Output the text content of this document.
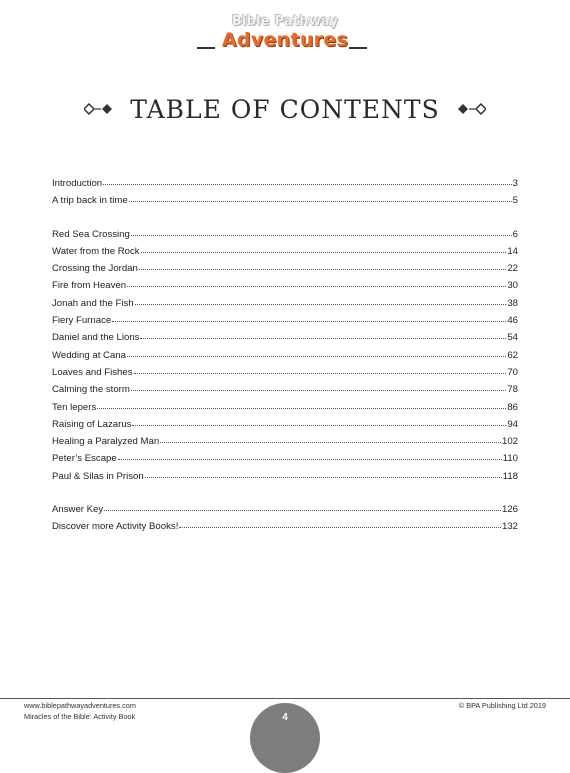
Bible Pathway
Adventures
TABLE OF CONTENTS
Introduction	3
A trip back in time	5
Red Sea Crossing	6
Water from the Rock	14
Crossing the Jordan	22
Fire from Heaven	30
Jonah and the Fish	38
Fiery Furnace	46
Daniel and the Lions	54
Wedding at Cana	62
Loaves and Fishes	70
Calming the storm	78
Ten lepers	86
Raising of Lazarus	94
Healing a Paralyzed Man	102
Peter’s Escape	110
Paul & Silas in Prison	118
Answer Key	126
Discover more Activity Books!	132
www.biblepathwayadventures.com
Miracles of the Bible: Activity Book
© BPA Publishing Ltd 2019
4
